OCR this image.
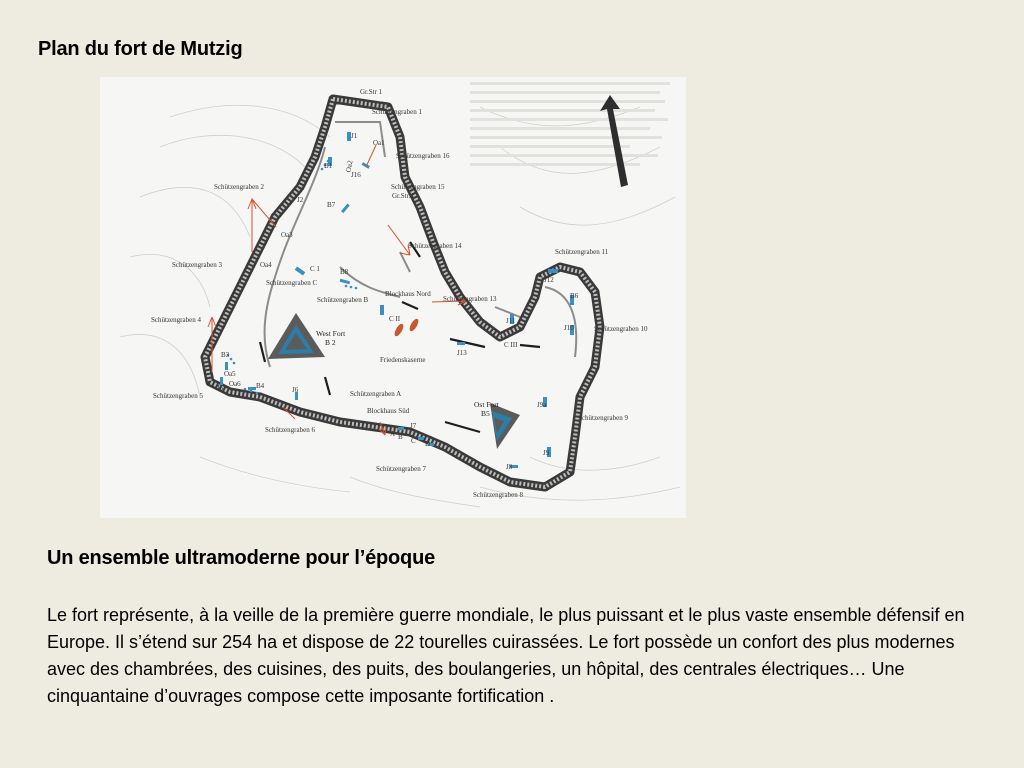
Plan du fort de Mutzig
Gr.Str 1
Schützengraben 1
Schützengraben 16
Schützengraben 15
Gr.Str.4
Schützengraben 2
Schützengraben 14
Schützengraben 11
Schützengraben 3
Schützengraben C
Schützengraben B
Blockhaus Nord
Schützengraben 13
Schützengraben 10
Schützengraben 4
West Fort
B 2
Friedenskaserne
Schützengraben 5	Schützengraben A
Blockhaus Süd
Ost Fort
B5	Schützengraben 9
Schützengraben 6
Schützengraben 7
Schützengraben 8
J1
Oa1
Oa2
J16
B1
J2
B7
Oa3
Oa4	C 1	B8
C II
J12
B6
J11
J10
C III
J13
B3
Oa5
Oa6
J5	B4	J6
J7
A B C D
J9a
J9
J8
Un ensemble ultramoderne pour l’époque

Le fort représente, à la veille de la première guerre mondiale, le plus puissant et le plus vaste ensemble défensif en Europe. Il s’étend sur 254 ha et dispose de 22 tourelles cuirassées. Le fort possède un confort des plus modernes avec des chambrées, des cuisines, des puits, des boulangeries, un hôpital, des centrales électriques… Une cinquantaine d’ouvrages compose cette imposante fortification .
